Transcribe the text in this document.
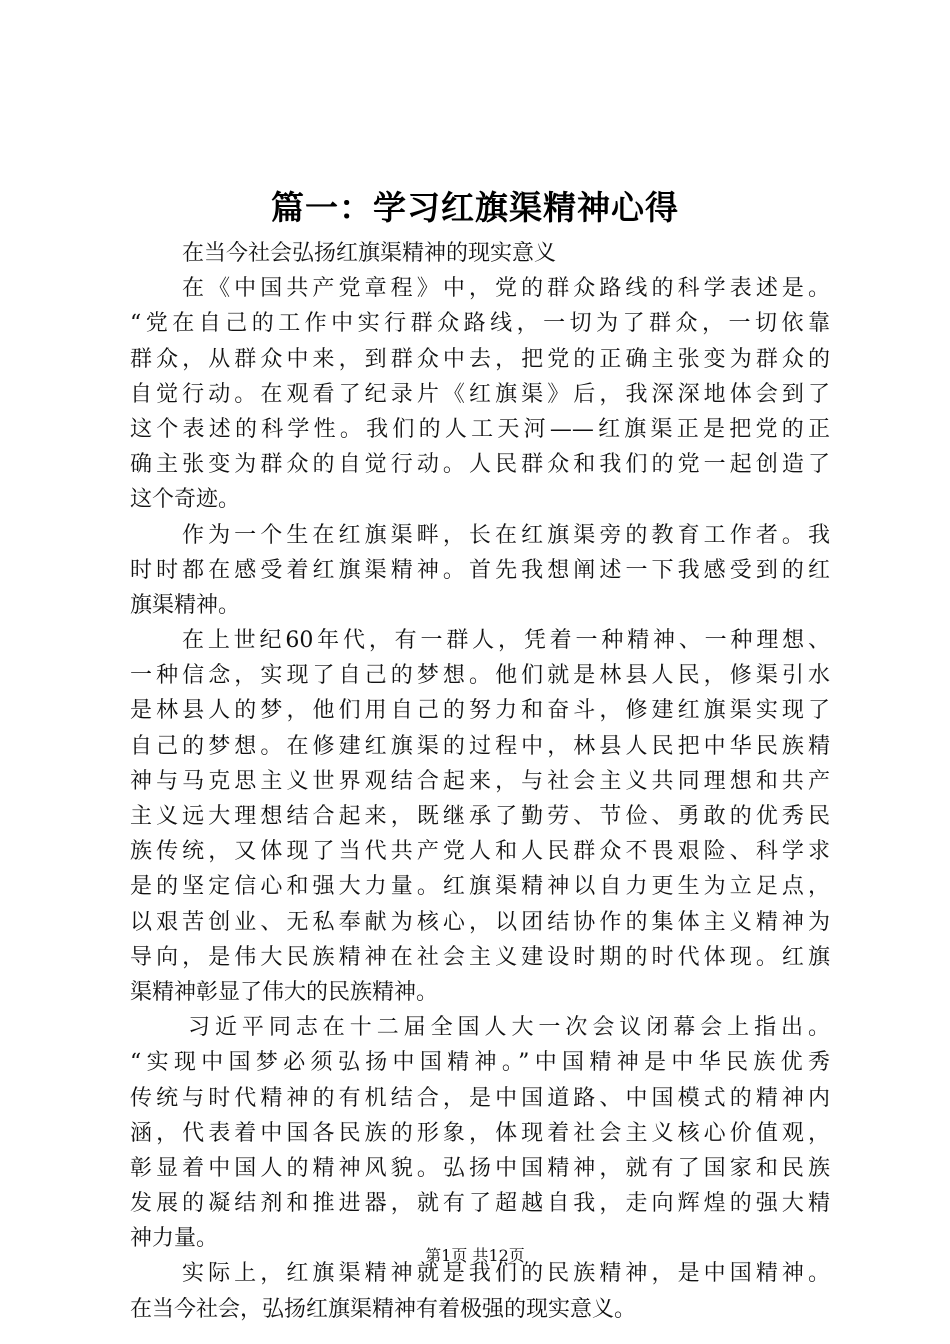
篇一：学习红旗渠精神心得
在当今社会弘扬红旗渠精神的现实意义
在《中国共产党章程》中，党的群众路线的科学表述是。
“党在自己的工作中实行群众路线，一切为了群众，一切依靠
群众，从群众中来，到群众中去，把党的正确主张变为群众的
自觉行动。在观看了纪录片《红旗渠》后，我深深地体会到了
这个表述的科学性。我们的人工天河——红旗渠正是把党的正
确主张变为群众的自觉行动。人民群众和我们的党一起创造了
这个奇迹。
作为一个生在红旗渠畔，长在红旗渠旁的教育工作者。我
时时都在感受着红旗渠精神。首先我想阐述一下我感受到的红
旗渠精神。
在上世纪60年代，有一群人，凭着一种精神、一种理想、
一种信念，实现了自己的梦想。他们就是林县人民，修渠引水
是林县人的梦，他们用自己的努力和奋斗，修建红旗渠实现了
自己的梦想。在修建红旗渠的过程中，林县人民把中华民族精
神与马克思主义世界观结合起来，与社会主义共同理想和共产
主义远大理想结合起来，既继承了勤劳、节俭、勇敢的优秀民
族传统，又体现了当代共产党人和人民群众不畏艰险、科学求
是的坚定信心和强大力量。红旗渠精神以自力更生为立足点，
以艰苦创业、无私奉献为核心，以团结协作的集体主义精神为
导向，是伟大民族精神在社会主义建设时期的时代体现。红旗
渠精神彰显了伟大的民族精神。
习近平同志在十二届全国人大一次会议闭幕会上指出。
“实现中国梦必须弘扬中国精神。”中国精神是中华民族优秀
传统与时代精神的有机结合，是中国道路、中国模式的精神内
涵，代表着中国各民族的形象，体现着社会主义核心价值观，
彰显着中国人的精神风貌。弘扬中国精神，就有了国家和民族
发展的凝结剂和推进器，就有了超越自我，走向辉煌的强大精
神力量。
实际上，红旗渠精神就是我们的民族精神，是中国精神。
在当今社会，弘扬红旗渠精神有着极强的现实意义。
第1页 共12页
